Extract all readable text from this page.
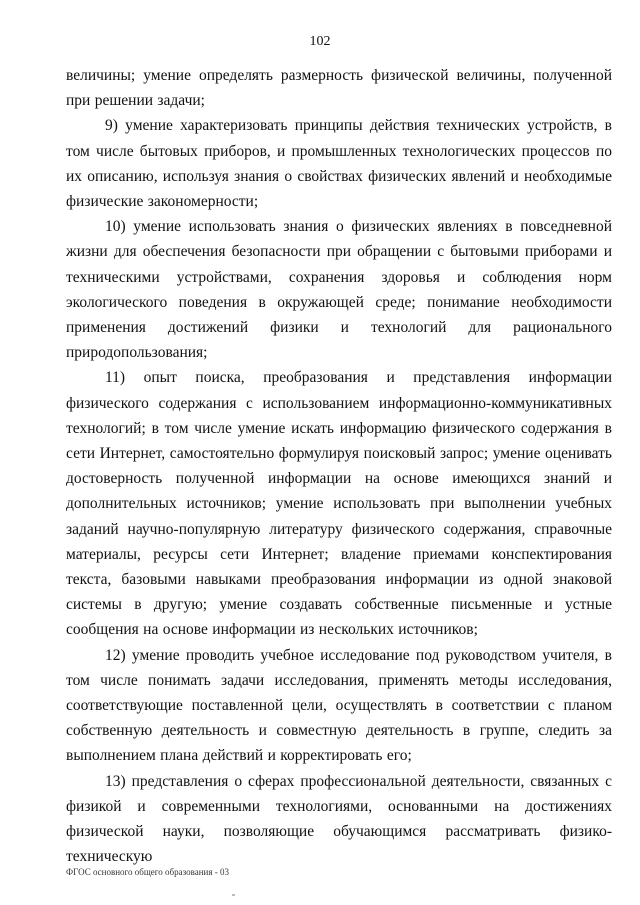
102

величины; умение определять размерность физической величины, полученной при решении задачи;

9) умение характеризовать принципы действия технических устройств, в том числе бытовых приборов, и промышленных технологических процессов по их описанию, используя знания о свойствах физических явлений и необходимые физические закономерности;

10) умение использовать знания о физических явлениях в повседневной жизни для обеспечения безопасности при обращении с бытовыми приборами и техническими устройствами, сохранения здоровья и соблюдения норм экологического поведения в окружающей среде; понимание необходимости применения достижений физики и технологий для рационального природопользования;

11) опыт поиска, преобразования и представления информации физического содержания с использованием информационно-коммуникативных технологий; в том числе умение искать информацию физического содержания в сети Интернет, самостоятельно формулируя поисковый запрос; умение оценивать достоверность полученной информации на основе имеющихся знаний и дополнительных источников; умение использовать при выполнении учебных заданий научно-популярную литературу физического содержания, справочные материалы, ресурсы сети Интернет; владение приемами конспектирования текста, базовыми навыками преобразования информации из одной знаковой системы в другую; умение создавать собственные письменные и устные сообщения на основе информации из нескольких источников;

12) умение проводить учебное исследование под руководством учителя, в том числе понимать задачи исследования, применять методы исследования, соответствующие поставленной цели, осуществлять в соответствии с планом собственную деятельность и совместную деятельность в группе, следить за выполнением плана действий и корректировать его;

13) представления о сферах профессиональной деятельности, связанных с физикой и современными технологиями, основанными на достижениях физической науки, позволяющие обучающимся рассматривать физико-техническую

ФГОС основного общего образования - 03
